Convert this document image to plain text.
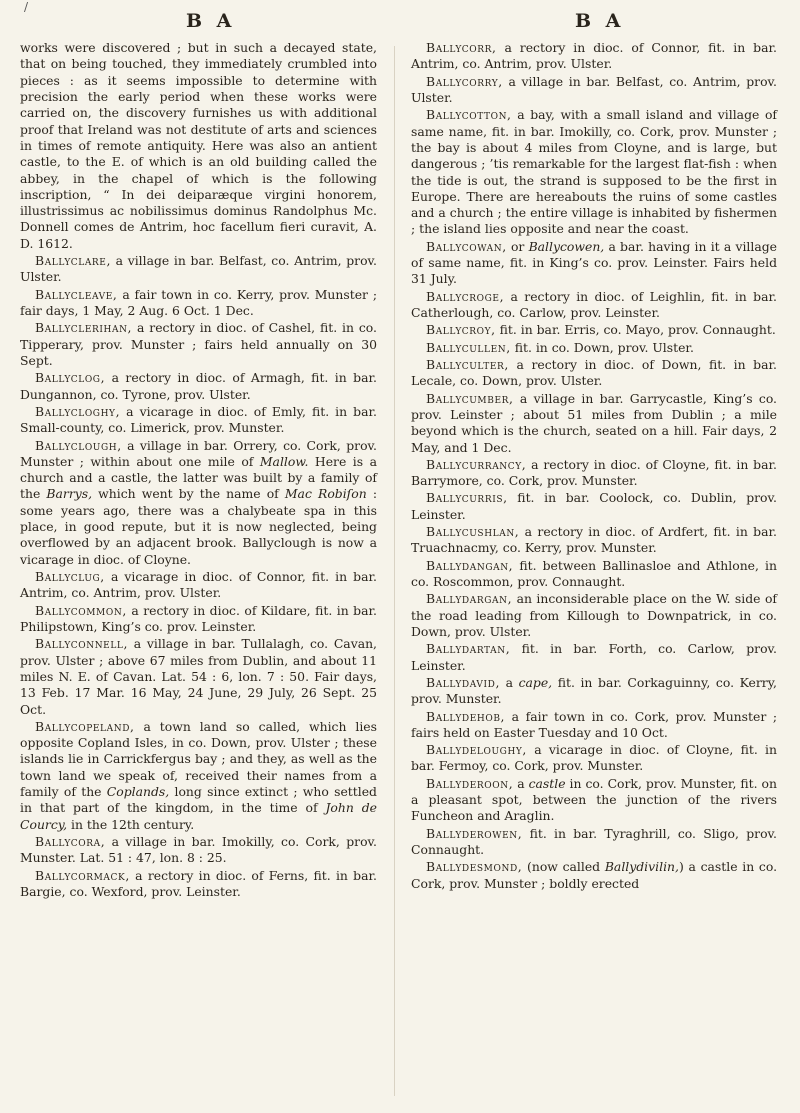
/
B A	B A

works were discovered ; but in such a decayed state, that on being touched, they immediately crumbled into pieces : as it seems impossible to determine with precision the early period when these works were carried on, the discovery furnishes us with additional proof that Ireland was not destitute of arts and sciences in times of remote antiquity. Here was also an antient castle, to the E. of which is an old building called the abbey, in the chapel of which is the following inscription, “ In dei deiparæque virgini honorem, illustrissimus ac nobilissimus dominus Randolphus Mc. Donnell comes de Antrim, hoc facellum fieri curavit, A. D. 1612.

Ballyclare, a village in bar. Belfast, co. Antrim, prov. Ulster.

Ballycleave, a fair town in co. Kerry, prov. Munster ; fair days, 1 May, 2 Aug. 6 Oct. 1 Dec.

Ballyclerihan, a rectory in dioc. of Cashel, fit. in co. Tipperary, prov. Munster ; fairs held annually on 30 Sept.

Ballyclog, a rectory in dioc. of Armagh, fit. in bar. Dungannon, co. Tyrone, prov. Ulster.

Ballycloghy, a vicarage in dioc. of Emly, fit. in bar. Small-county, co. Limerick, prov. Munster.

Ballyclough, a village in bar. Orrery, co. Cork, prov. Munster ; within about one mile of Mallow. Here is a church and a castle, the latter was built by a family of the Barrys, which went by the name of Mac Robiſon : some years ago, there was a chalybeate spa in this place, in good repute, but it is now neglected, being overflowed by an adjacent brook. Ballyclough is now a vicarage in dioc. of Cloyne.

Ballyclug, a vicarage in dioc. of Connor, fit. in bar. Antrim, co. Antrim, prov. Ulster.

Ballycommon, a rectory in dioc. of Kildare, fit. in bar. Philipstown, King’s co. prov. Leinster.

Ballyconnell, a village in bar. Tullalagh, co. Cavan, prov. Ulster ; above 67 miles from Dublin, and about 11 miles N. E. of Cavan. Lat. 54 : 6, lon. 7 : 50. Fair days, 13 Feb. 17 Mar. 16 May, 24 June, 29 July, 26 Sept. 25 Oct.

Ballycopeland, a town land so called, which lies opposite Copland Isles, in co. Down, prov. Ulster ; these islands lie in Carrickfergus bay ; and they, as well as the town land we speak of, received their names from a family of the Coplands, long since extinct ; who settled in that part of the kingdom, in the time of John de Courcy, in the 12th century.

Ballycora, a village in bar. Imokilly, co. Cork, prov. Munster. Lat. 51 : 47, lon. 8 : 25.

Ballycormack, a rectory in dioc. of Ferns, fit. in bar. Bargie, co. Wexford, prov. Leinster.

Ballycorr, a rectory in dioc. of Connor, fit. in bar. Antrim, co. Antrim, prov. Ulster.

Ballycorry, a village in bar. Belfast, co. Antrim, prov. Ulster.

Ballycotton, a bay, with a small island and village of same name, fit. in bar. Imokilly, co. Cork, prov. Munster ; the bay is about 4 miles from Cloyne, and is large, but dangerous ; ’tis remarkable for the largest flat-fish : when the tide is out, the strand is supposed to be the first in Europe. There are hereabouts the ruins of some castles and a church ; the entire village is inhabited by fishermen ; the island lies opposite and near the coast.

Ballycowan, or Ballycowen, a bar. having in it a village of same name, fit. in King’s co. prov. Leinster. Fairs held 31 July.

Ballycroge, a rectory in dioc. of Leighlin, fit. in bar. Catherlough, co. Carlow, prov. Leinster.

Ballycroy, fit. in bar. Erris, co. Mayo, prov. Connaught.

Ballycullen, fit. in co. Down, prov. Ulster.

Ballyculter, a rectory in dioc. of Down, fit. in bar. Lecale, co. Down, prov. Ulster.

Ballycumber, a village in bar. Garrycastle, King’s co. prov. Leinster ; about 51 miles from Dublin ; a mile beyond which is the church, seated on a hill. Fair days, 2 May, and 1 Dec.

Ballycurrancy, a rectory in dioc. of Cloyne, fit. in bar. Barrymore, co. Cork, prov. Munster.

Ballycurris, fit. in bar. Coolock, co. Dublin, prov. Leinster.

Ballycushlan, a rectory in dioc. of Ardfert, fit. in bar. Truachnacmy, co. Kerry, prov. Munster.

Ballydangan, fit. between Ballinasloe and Athlone, in co. Roscommon, prov. Connaught.

Ballydargan, an inconsiderable place on the W. side of the road leading from Killough to Downpatrick, in co. Down, prov. Ulster.

Ballydartan, fit. in bar. Forth, co. Carlow, prov. Leinster.

Ballydavid, a cape, fit. in bar. Corkaguinny, co. Kerry, prov. Munster.

Ballydehob, a fair town in co. Cork, prov. Munster ; fairs held on Easter Tuesday and 10 Oct.

Ballydeloughy, a vicarage in dioc. of Cloyne, fit. in bar. Fermoy, co. Cork, prov. Munster.

Ballyderoon, a castle in co. Cork, prov. Munster, fit. on a pleasant spot, between the junction of the rivers Funcheon and Araglin.

Ballyderowen, fit. in bar. Tyraghrill, co. Sligo, prov. Connaught.

Ballydesmond, (now called Ballydivilin,) a castle in co. Cork, prov. Munster ; boldly erected
